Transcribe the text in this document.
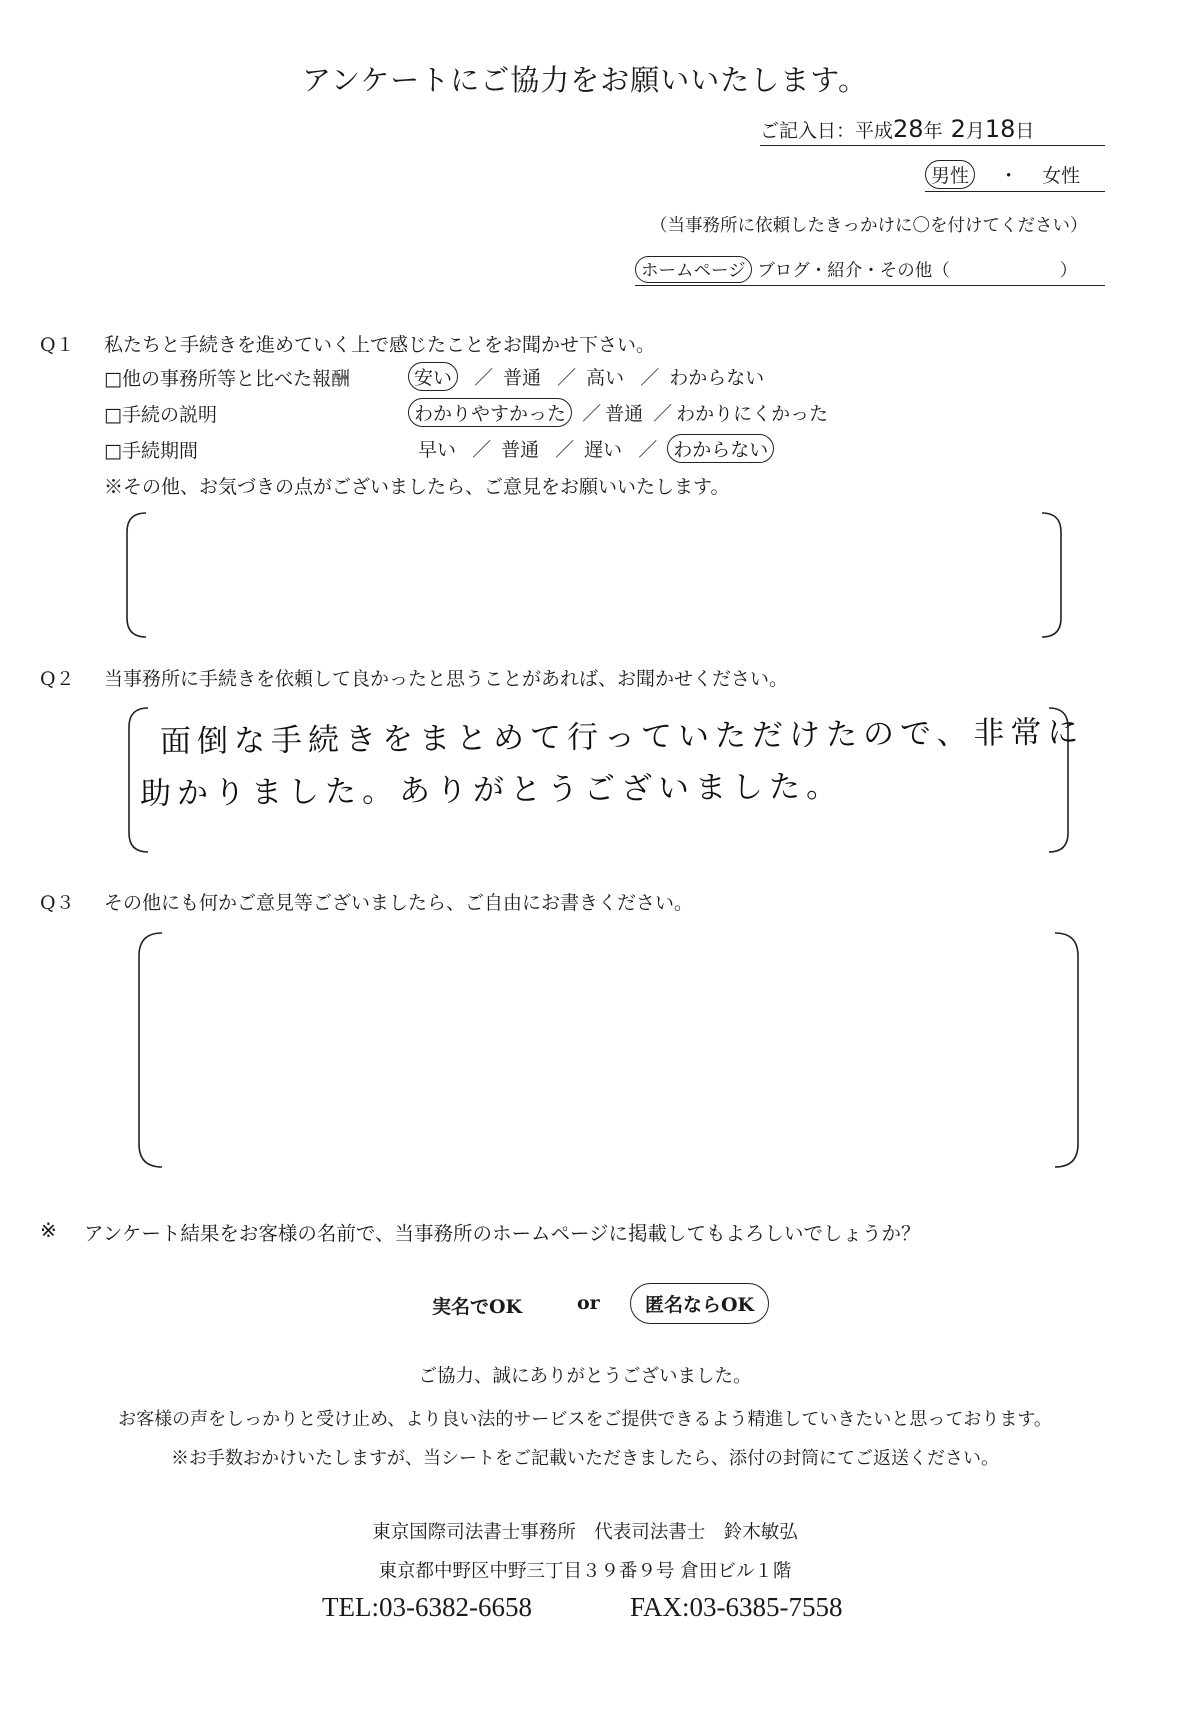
アンケートにご協力をお願いいたします。
ご記入日：平成28年 2月18日
男性 ・ 女性
（当事務所に依頼したきっかけに〇を付けてください）
ホームページ ブログ・紹介・その他（	）
Q１ 私たちと手続きを進めていく上で感じたことをお聞かせ下さい。
□他の事務所等と比べた報酬	安い ／ 普通 ／ 高い ／ わからない
□手続の説明	わかりやすかった ／ 普通 ／ わかりにくかった
□手続期間	早い ／ 普通 ／ 遅い ／ わからない
※その他、お気づきの点がございましたら、ご意見をお願いいたします。
Q２ 当事務所に手続きを依頼して良かったと思うことがあれば、お聞かせください。
面倒な手続きをまとめて行っていただけたので、非常に
助かりました。ありがとうございました。
Q３ その他にも何かご意見等ございましたら、ご自由にお書きください。
※ アンケート結果をお客様の名前で、当事務所のホームページに掲載してもよろしいでしょうか？
実名でOK	or	匿名ならOK
ご協力、誠にありがとうございました。
お客様の声をしっかりと受け止め、より良い法的サービスをご提供できるよう精進していきたいと思っております。
※お手数おかけいたしますが、当シートをご記載いただきましたら、添付の封筒にてご返送ください。
東京国際司法書士事務所　代表司法書士　鈴木敏弘
東京都中野区中野三丁目３９番９号 倉田ビル１階
TEL:03-6382-6658	FAX:03-6385-7558
